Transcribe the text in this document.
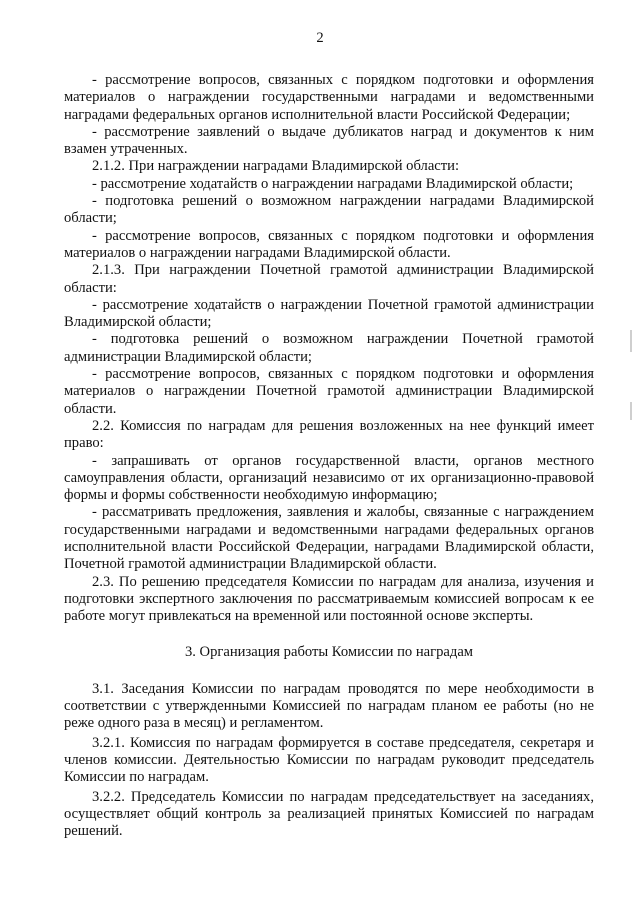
2

- рассмотрение вопросов, связанных с порядком подготовки и оформления материалов о награждении государственными наградами и ведомственными наградами федеральных органов исполнительной власти Российской Федерации;

- рассмотрение заявлений о выдаче дубликатов наград и документов к ним взамен утраченных.

2.1.2. При награждении наградами Владимирской области:

- рассмотрение ходатайств о награждении наградами Владимирской области;

- подготовка решений о возможном награждении наградами Владимирской области;

- рассмотрение вопросов, связанных с порядком подготовки и оформления материалов о награждении наградами Владимирской области.

2.1.3. При награждении Почетной грамотой администрации Владимирской области:

- рассмотрение ходатайств о награждении Почетной грамотой администрации Владимирской области;

- подготовка решений о возможном награждении Почетной грамотой администрации Владимирской области;

- рассмотрение вопросов, связанных с порядком подготовки и оформления материалов о награждении Почетной грамотой администрации Владимирской области.

2.2. Комиссия по наградам для решения возложенных на нее функций имеет право:

- запрашивать от органов государственной власти, органов местного самоуправления области, организаций независимо от их организационно-правовой формы и формы собственности необходимую информацию;

- рассматривать предложения, заявления и жалобы, связанные с награждением государственными наградами и ведомственными наградами федеральных органов исполнительной власти Российской Федерации, наградами Владимирской области, Почетной грамотой администрации Владимирской области.

2.3. По решению председателя Комиссии по наградам для анализа, изучения и подготовки экспертного заключения по рассматриваемым комиссией вопросам к ее работе могут привлекаться на временной или постоянной основе эксперты.

3. Организация работы Комиссии по наградам

3.1. Заседания Комиссии по наградам проводятся по мере необходимости в соответствии с утвержденными Комиссией по наградам планом ее работы (но не реже одного раза в месяц) и регламентом.

3.2.1. Комиссия по наградам формируется в составе председателя, секретаря и членов комиссии. Деятельностью Комиссии по наградам руководит председатель Комиссии по наградам.

3.2.2. Председатель Комиссии по наградам председательствует на заседаниях, осуществляет общий контроль за реализацией принятых Комиссией по наградам решений.
